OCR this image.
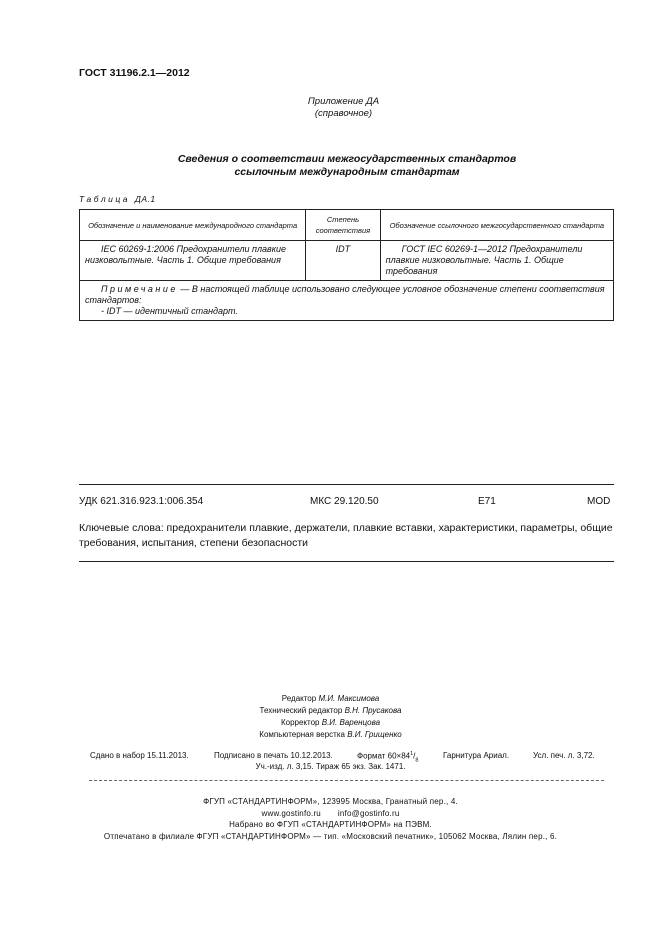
ГОСТ 31196.2.1—2012
Приложение ДА
(справочное)
Сведения о соответствии межгосударственных стандартов
ссылочным международным стандартам
Таблица ДА.1
Обозначение и наименование международного стандарта	Степень соответствия	Обозначение ссылочного межгосударственного стандарта
IEC 60269-1:2006 Предохранители плавкие низковольтные. Часть 1. Общие требования	IDT	ГОСТ IEC 60269-1—2012 Предохранители плавкие низковольтные. Часть 1. Общие требования

Примечание — В настоящей таблице использовано следующее условное обозначение степени соответствия стандартов:
- IDT — идентичный стандарт.		
УДК 621.316.923.1:006.354	МКС 29.120.50	Е71	MOD
Ключевые слова: предохранители плавкие, держатели, плавкие вставки, характеристики, параметры, общие требования, испытания, степени безопасности
Редактор М.И. Максимова
Технический редактор В.Н. Прусакова
Корректор В.И. Варенцова
Компьютерная верстка В.И. Грищенко
Сдано в набор 15.11.2013.	Подписано в печать 10.12.2013.	Формат $60\times 84^1/_8$
Гарнитура Ариал.	Усл. печ. л. 3,72.
Уч.-изд. л. 3,15. Тираж 65 экз. Зак. 1471.
ФГУП «СТАНДАРТИНФОРМ», 123995 Москва, Гранатный пер., 4.
www.gostinfo.ru info@gostinfo.ru
Набрано во ФГУП «СТАНДАРТИНФОРМ» на ПЭВМ.
Отпечатано в филиале ФГУП «СТАНДАРТИНФОРМ» — тип. «Московский печатник», 105062 Москва, Лялин пер., 6.
